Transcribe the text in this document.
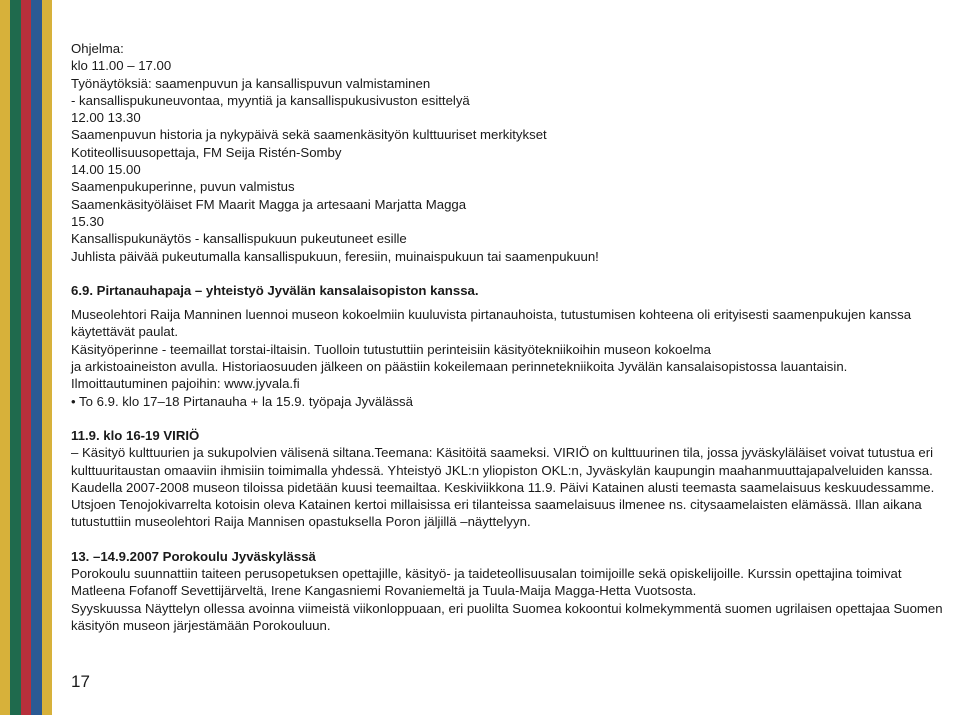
Ohjelma:
klo 11.00 – 17.00
Työnäytöksiä: saamenpuvun ja kansallispuvun valmistaminen
- kansallispukuneuvontaa, myyntiä ja kansallispukusivuston esittelyä
12.00 13.30
Saamenpuvun historia ja nykypäivä sekä saamenkäsityön kulttuuriset merkitykset
Kotiteollisuusopettaja, FM Seija Ristén-Somby
14.00 15.00
Saamenpukuperinne, puvun valmistus
Saamenkäsityöläiset FM Maarit Magga ja artesaani Marjatta Magga
15.30
Kansallispukunäytös - kansallispukuun pukeutuneet esille
Juhlista päivää pukeutumalla kansallispukuun, feresiin, muinaispukuun tai saamenpukuun!
6.9. Pirtanauhapaja – yhteistyö Jyvälän kansalaisopiston kanssa.
Museolehtori Raija Manninen luennoi museon kokoelmiin kuuluvista pirtanauhoista, tutustumisen kohteena oli erityisesti saamenpukujen kanssa käytettävät paulat.
Käsityöperinne - teemaillat torstai-iltaisin. Tuolloin tutustuttiin perinteisiin käsityötekniikoihin museon kokoelma
ja arkistoaineiston avulla. Historiaosuuden jälkeen on päästiin kokeilemaan perinnetekniikoita Jyvälän kansalaisopistossa lauantaisin.
Ilmoittautuminen pajoihin: www.jyvala.fi
• To 6.9. klo 17–18 Pirtanauha + la 15.9. työpaja Jyvälässä
11.9. klo 16-19 VIRIÖ
– Käsityö kulttuurien ja sukupolvien välisenä siltana.Teemana: Käsitöitä saameksi. VIRIÖ on kulttuurinen tila, jossa jyväskyläläiset voivat tutustua eri kulttuuritaustan omaaviin ihmisiin toimimalla yhdessä. Yhteistyö JKL:n yliopiston OKL:n, Jyväskylän kaupungin maahanmuuttajapalveluiden kanssa. Kaudella 2007-2008 museon tiloissa pidetään kuusi teemailtaa. Keskiviikkona 11.9. Päivi Katainen alusti teemasta saamelaisuus keskuudessamme. Utsjoen Tenojokivarrelta kotoisin oleva Katainen kertoi millaisissa eri tilanteissa saamelaisuus ilmenee ns. citysaamelaisten elämässä. Illan aikana tutustuttiin museolehtori Raija Mannisen opastuksella Poron jäljillä –näyttelyyn.
13. –14.9.2007 Porokoulu Jyväskylässä
Porokoulu suunnattiin taiteen perusopetuksen opettajille, käsityö- ja taideteollisuusalan toimijoille sekä opiskelijoille. Kurssin opettajina toimivat Matleena Fofanoff Sevettijärveltä, Irene Kangasniemi Rovaniemeltä ja Tuula-Maija Magga-Hetta Vuotsosta.
Syyskuussa Näyttelyn ollessa avoinna viimeistä viikonloppuaan, eri puolilta Suomea kokoontui kolmekymmentä suomen ugrilaisen opettajaa Suomen käsityön museon järjestämään Porokouluun.
17
